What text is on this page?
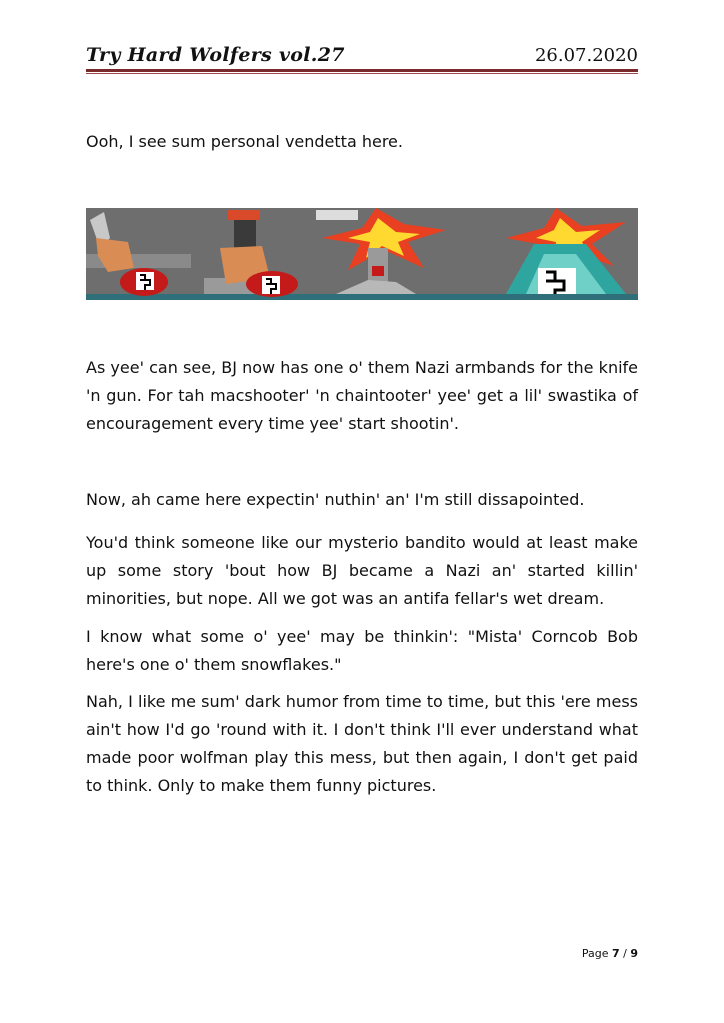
Try Hard Wolfers vol.27	26.07.2020

Ooh, I see sum personal vendetta here.

As yee' can see, BJ now has one o' them Nazi armbands for the knife 'n gun. For tah macshooter' 'n chaintooter' yee' get a lil' swastika of encouragement every time yee' start shootin'.

Now, ah came here expectin' nuthin' an' I'm still dissapointed.

You'd think someone like our mysterio bandito would at least make up some story 'bout how BJ became a Nazi an' started killin' minorities, but nope. All we got was an antifa fellar's wet dream.

I know what some o' yee' may be thinkin': "Mista' Corncob Bob here's one o' them snowflakes."

Nah, I like me sum' dark humor from time to time, but this 'ere mess ain't how I'd go 'round with it. I don't think I'll ever understand what made poor wolfman play this mess, but then again, I don't get paid to think. Only to make them funny pictures.

Page 7 / 9
